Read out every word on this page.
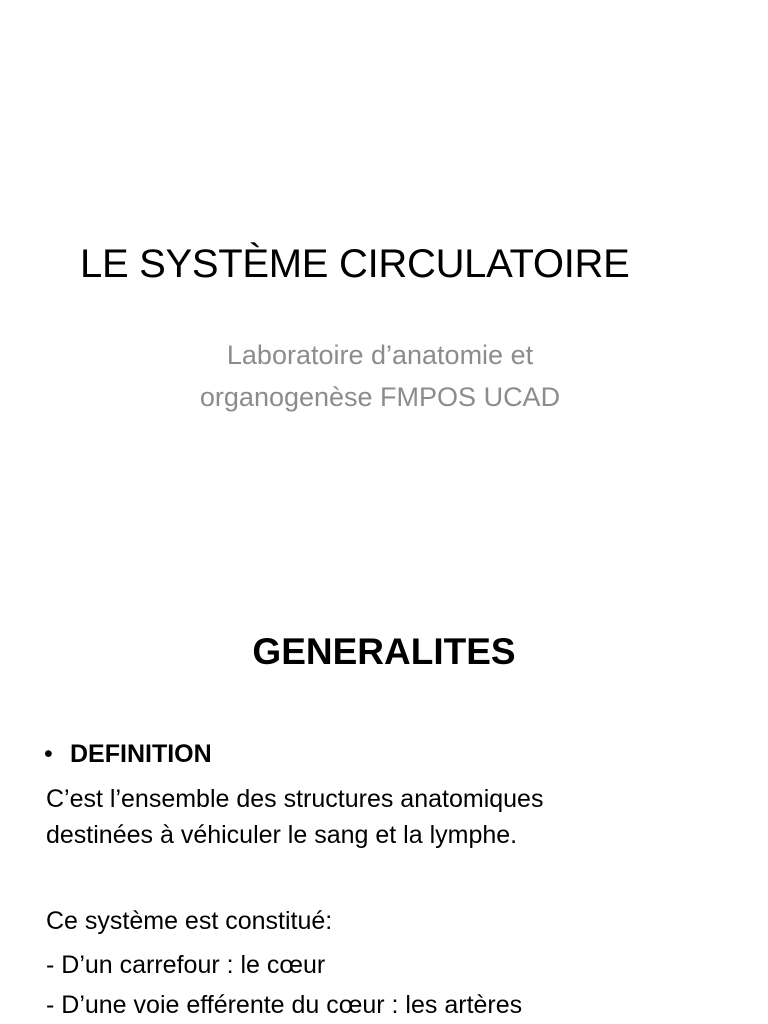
LE SYSTÈME CIRCULATOIRE
Laboratoire d’anatomie et
organogenèse FMPOS UCAD
GENERALITES
• DEFINITION
C’est l’ensemble des structures anatomiques
destinées à véhiculer le sang et la lymphe.
Ce système est constitué:
- D’un carrefour : le cœur
- D’une voie efférente du cœur : les artères
